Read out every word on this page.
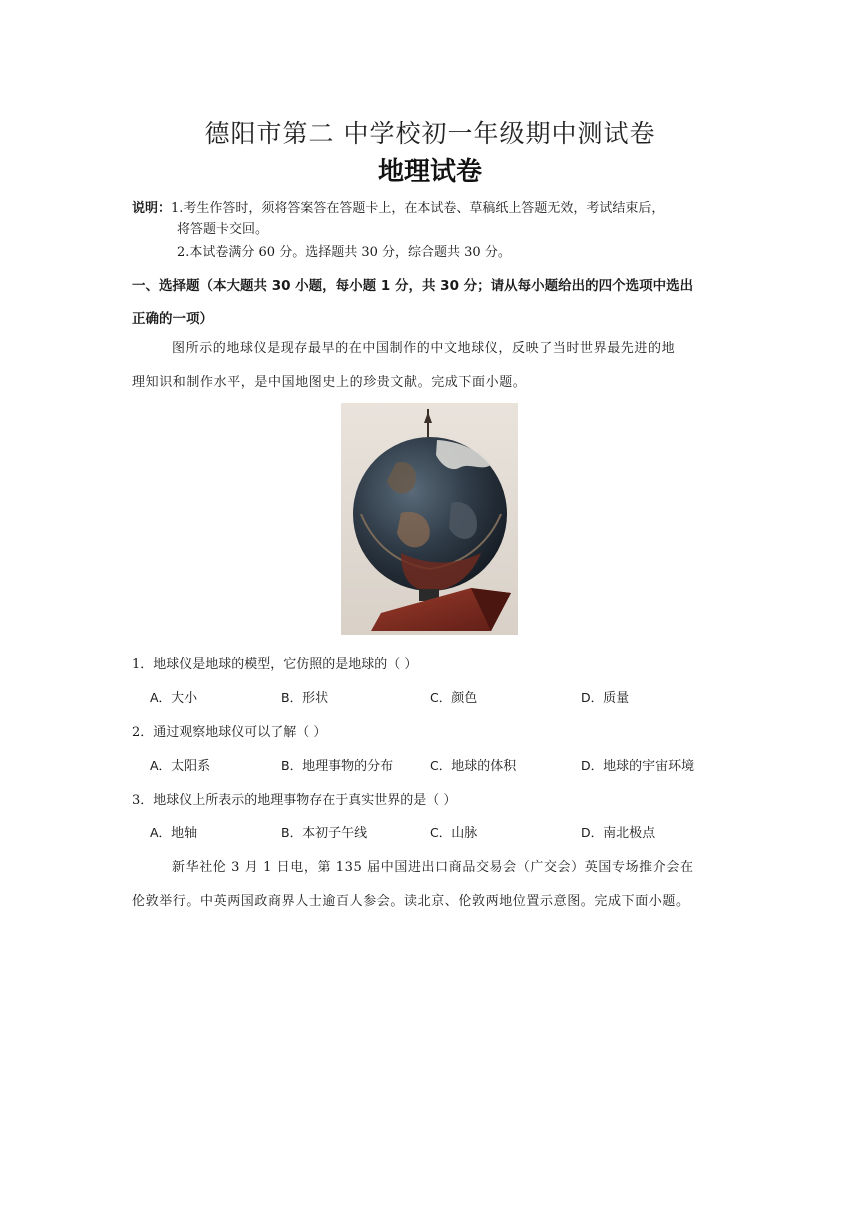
德阳市第二 中学校初一年级期中测试卷
地理试卷
说明：1.考生作答时，须将答案答在答题卡上，在本试卷、草稿纸上答题无效，考试结束后，
将答题卡交回。
2.本试卷满分 60 分。选择题共 30 分，综合题共 30 分。
一、选择题（本大题共 30 小题，每小题 1 分，共 30 分；请从每小题给出的四个选项中选出
正确的一项）
图所示的地球仪是现存最早的在中国制作的中文地球仪，反映了当时世界最先进的地
理知识和制作水平，是中国地图史上的珍贵文献。完成下面小题。
1．地球仪是地球的模型，它仿照的是地球的（ ）
A．大小	B．形状	C．颜色	D．质量
2．通过观察地球仪可以了解（ ）
A．太阳系	B．地理事物的分布	C．地球的体积	D．地球的宇宙环境
3．地球仪上所表示的地理事物存在于真实世界的是（ ）
A．地轴	B．本初子午线	C．山脉	D．南北极点
新华社伦 3 月 1 日电，第 135 届中国进出口商品交易会（广交会）英国专场推介会在
伦敦举行。中英两国政商界人士逾百人参会。读北京、伦敦两地位置示意图。完成下面小题。
